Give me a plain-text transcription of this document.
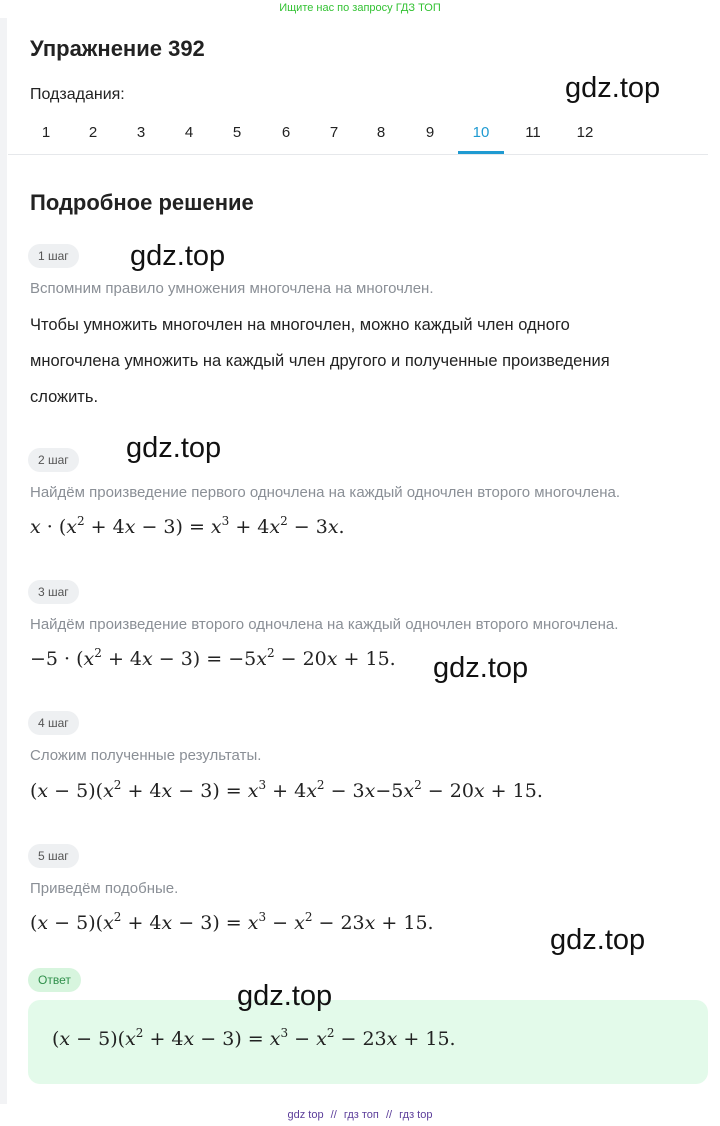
Ищите нас по запросу ГДЗ ТОП
Упражнение 392
Подзадания:
1	2	3	4	5	6	7	8	9	10	11	12
Подробное решение
1 шаг
Вспомним правило умножения многочлена на многочлен.
Чтобы умножить многочлен на многочлен, можно каждый член одного
многочлена умножить на каждый член другого и полученные произведения
сложить.
2 шаг
Найдём произведение первого одночлена на каждый одночлен второго многочлена.
$x \cdot (x^2 + 4x - 3) = x^3 + 4x^2 - 3x$.
3 шаг
Найдём произведение второго одночлена на каждый одночлен второго многочлена.
$-5 \cdot (x^2 + 4x - 3) = -5x^2 - 20x + 15$.
4 шаг
Сложим полученные результаты.
$(x - 5)(x^2 + 4x - 3) = x^3 + 4x^2 - 3x-5x^2 - 20x + 15$.
5 шаг
Приведём подобные.
$(x - 5)(x^2 + 4x - 3) = x^3 - x^2 - 23x + 15$.
Ответ
$(x - 5)(x^2 + 4x - 3) = x^3 - x^2 - 23x + 15$.
gdz.top
gdz.top
gdz.top
gdz.top
gdz.top
gdz.top
gdz top // гдз топ // гдз top
